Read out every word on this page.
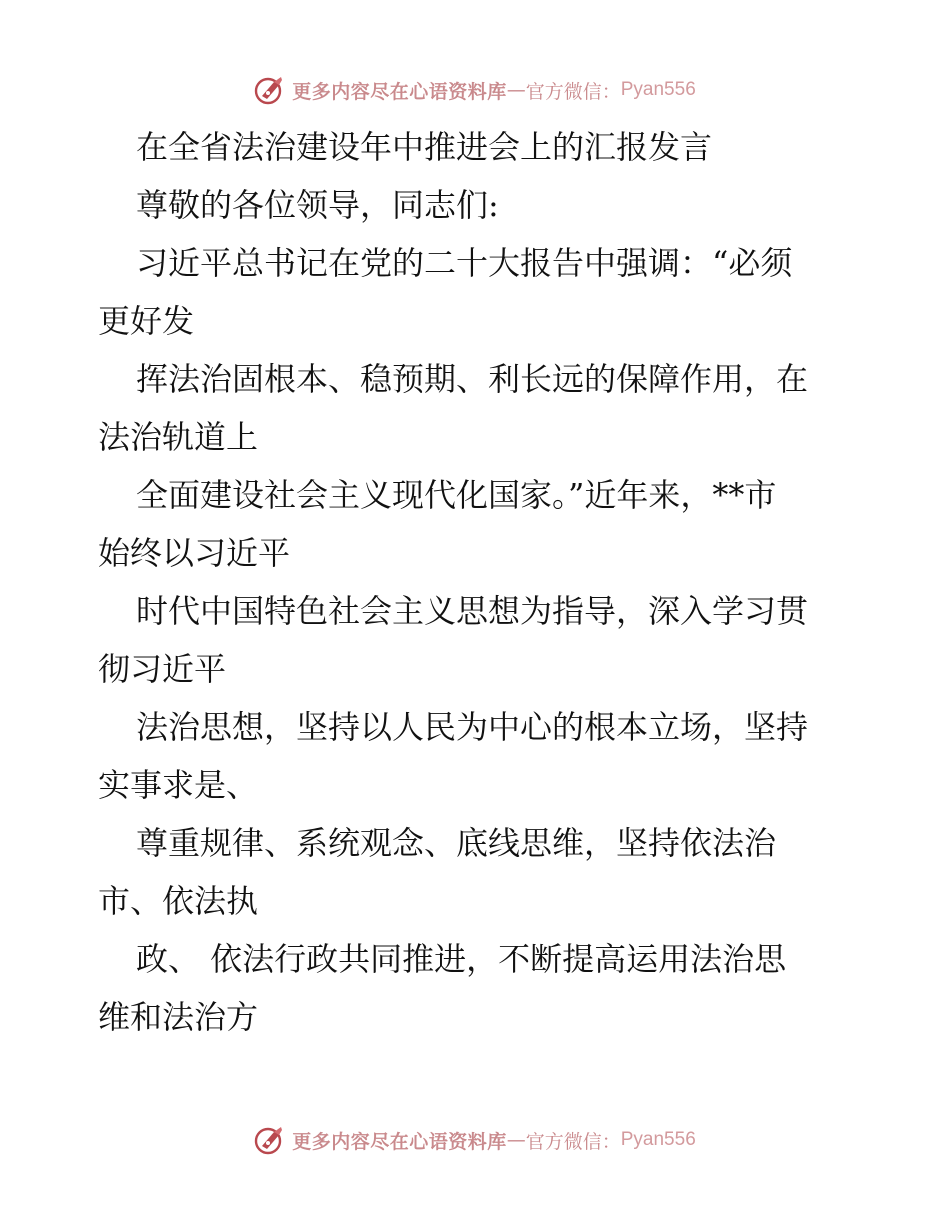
更多内容尽在心语资料库 — 官方微信： Pyan556
在全省法治建设年中推进会上的汇报发言
尊敬的各位领导，同志们:
习近平总书记在党的二十大报告中强调：“必须
更好发
挥法治固根本、稳预期、利长远的保障作用，在
法治轨道上
全面建设社会主义现代化国家。”近年来，**市
始终以习近平
时代中国特色社会主义思想为指导，深入学习贯
彻习近平
法治思想，坚持以人民为中心的根本立场，坚持
实事求是、
尊重规律、系统观念、底线思维，坚持依法治
市、依法执
政、 依法行政共同推进，不断提高运用法治思
维和法治方
更多内容尽在心语资料库 — 官方微信： Pyan556
